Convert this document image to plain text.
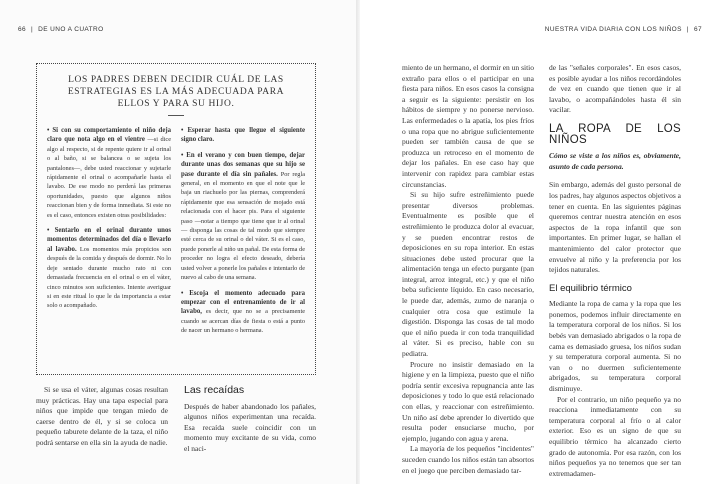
66 | DE UNO A CUATRO
LOS PADRES DEBEN DECIDIR CUÁL DE LAS ESTRATEGIAS ES LA MÁS ADECUADA PARA ELLOS Y PARA SU HIJO.

• Si con su comportamiento el niño deja claro que nota algo en el vientre —si dice algo al respecto, si de repente quiere ir al orinal o al baño, si se balancea o se sujeta los pantalones—, debe usted reaccionar y sujetarle rápidamente el orinal o acompañarle hasta el lavabo. De ese modo no perderá las primeras oportunidades, puesto que algunos niños reaccionan bien y de forma inmediata. Si este no es el caso, entonces existen otras posibilidades:

• Sentarlo en el orinal durante unos momentos determinados del día o llevarlo al lavabo. Los momentos más propicios son después de la comida y después de dormir. No lo deje sentado durante mucho rato ni con demasiada frecuencia en el orinal o en el váter, cinco minutos son suficientes. Intente averiguar si en este ritual lo que le da importancia a estar solo o acompañado.

• Esperar hasta que llegue el siguiente signo claro.

• En el verano y con buen tiempo, dejar durante unas dos semanas que su hijo se pase durante el día sin pañales. Por regla general, en el momento en que el note que le baja un riachuelo por las piernas, comprenderá rápidamente que esa sensación de mojado está relacionada con el hacer pis. Para el siguiente paso —notar a tiempo que tiene que ir al orinal— disponga las cosas de tal modo que siempre esté cerca de su orinal o del váter. Si es el caso, puede ponerle al niño un pañal. De esta forma de proceder no logra el efecto deseado, debería usted volver a ponerle los pañales e intentarlo de nuevo al cabo de una semana.

• Escoja el momento adecuado para empezar con el entrenamiento de ir al lavabo, es decir, que no se a precisamente cuando se acercan días de fiesta o está a punto de nacer un hermano o hermana.

Si se usa el váter, algunas cosas resultan muy prácticas. Hay una tapa especial para niños que impide que tengan miedo de caerse dentro de él, y si se coloca un pequeño taburete delante de la taza, el niño podrá sentarse en ella sin la ayuda de nadie.

Las recaídas

Después de haber abandonado los pañales, algunos niños experimentan una recaída. Esa recaída suele coincidir con un momento muy excitante de su vida, como el naci-

NUESTRA VIDA DIARIA CON LOS NIÑOS | 67

miento de un hermano, el dormir en un sitio extraño para ellos o el participar en una fiesta para niños. En esos casos la consigna a seguir es la siguiente: persistir en los hábitos de siempre y no ponerse nervioso. Las enfermedades o la apatía, los pies fríos o una ropa que no abrigue suficientemente pueden ser también causa de que se produzca un retroceso en el momento de dejar los pañales. En ese caso hay que intervenir con rapidez para cambiar estas circunstancias.

Si su hijo sufre estreñimiento puede presentar diversos problemas. Eventualmente es posible que el estreñimiento le produzca dolor al evacuar, y se pueden encontrar restos de deposiciones en su ropa interior. En estas situaciones debe usted procurar que la alimentación tenga un efecto purgante (pan integral, arroz integral, etc.) y que el niño beba suficiente líquido. En caso necesario, le puede dar, además, zumo de naranja o cualquier otra cosa que estimule la digestión. Disponga las cosas de tal modo que el niño pueda ir con toda tranquilidad al váter. Si es preciso, hable con su pediatra.

Procure no insistir demasiado en la higiene y en la limpieza, puesto que el niño podría sentir excesiva repugnancia ante las deposiciones y todo lo que está relacionado con ellas, y reaccionar con estreñimiento. Un niño así debe aprender lo divertido que resulta poder ensuciarse mucho, por ejemplo, jugando con agua y arena.

La mayoría de los pequeños "incidentes" suceden cuando los niños están tan absortos en el juego que perciben demasiado tar-

de las "señales corporales". En esos casos, es posible ayudar a los niños recordándoles de vez en cuando que tienen que ir al lavabo, o acompañándoles hasta él sin vacilar.

LA ROPA DE LOS NIÑOS

Cómo se viste a los niños es, obviamente, asunto de cada persona.

Sin embargo, además del gusto personal de los padres, hay algunos aspectos objetivos a tener en cuenta. En las siguientes páginas queremos centrar nuestra atención en esos aspectos de la ropa infantil que son importantes. En primer lugar, se hallan el mantenimiento del calor protector que envuelve al niño y la preferencia por los tejidos naturales.

El equilibrio térmico

Mediante la ropa de cama y la ropa que les ponemos, podemos influir directamente en la temperatura corporal de los niños. Si los bebés van demasiado abrigados o la ropa de cama es demasiado gruesa, los niños sudan y su temperatura corporal aumenta. Si no van o no duermen suficientemente abrigados, su temperatura corporal disminuye.

Por el contrario, un niño pequeño ya no reacciona inmediatamente con su temperatura corporal al frío o al calor exterior. Eso es un signo de que su equilibrio térmico ha alcanzado cierto grado de autonomía. Por esa razón, con los niños pequeños ya no tenemos que ser tan extremadamen-
